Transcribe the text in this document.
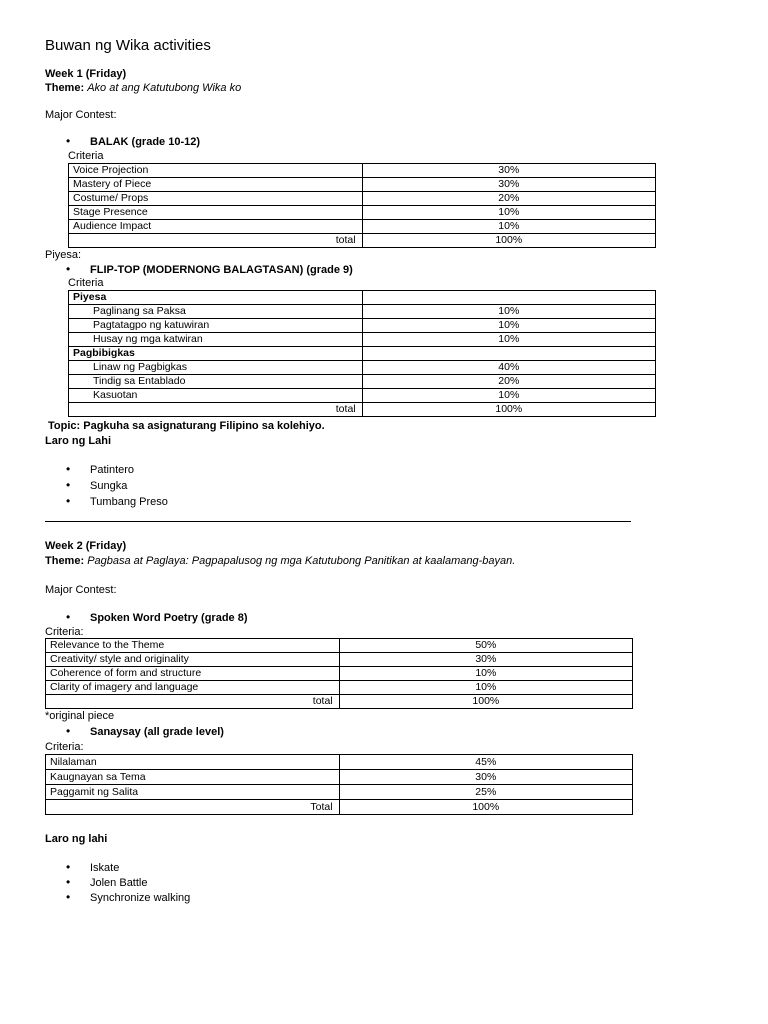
Buwan ng Wika activities
Week 1 (Friday)
Theme: Ako at ang Katutubong Wika ko
Major Contest:
• BALAK (grade 10-12)
Criteria
Voice Projection	30%
Mastery of Piece	30%
Costume/ Props	20%
Stage Presence	10%
Audience Impact	10%
total	100%
Piyesa:
• FLIP-TOP (MODERNONG BALAGTASAN) (grade 9)
Criteria
Piyesa	
Paglinang sa Paksa	10%
Pagtatagpo ng katuwiran	10%
Husay ng mga katwiran	10%
Pagbibigkas	
Linaw ng Pagbigkas	40%
Tindig sa Entablado	20%
Kasuotan	10%
total	100%
Topic: Pagkuha sa asignaturang Filipino sa kolehiyo.
Laro ng Lahi
• Patintero
• Sungka
• Tumbang Preso
Week 2 (Friday)
Theme: Pagbasa at Paglaya: Pagpapalusog ng mga Katutubong Panitikan at kaalamang-bayan.
Major Contest:
• Spoken Word Poetry (grade 8)
Criteria:
Relevance to the Theme	50%
Creativity/ style and originality	30%
Coherence of form and structure	10%
Clarity of imagery and language	10%
total	100%
*original piece
• Sanaysay (all grade level)
Criteria:
Nilalaman	45%
Kaugnayan sa Tema	30%
Paggamit ng Salita	25%
Total	100%
Laro ng lahi
• Iskate
• Jolen Battle
• Synchronize walking
